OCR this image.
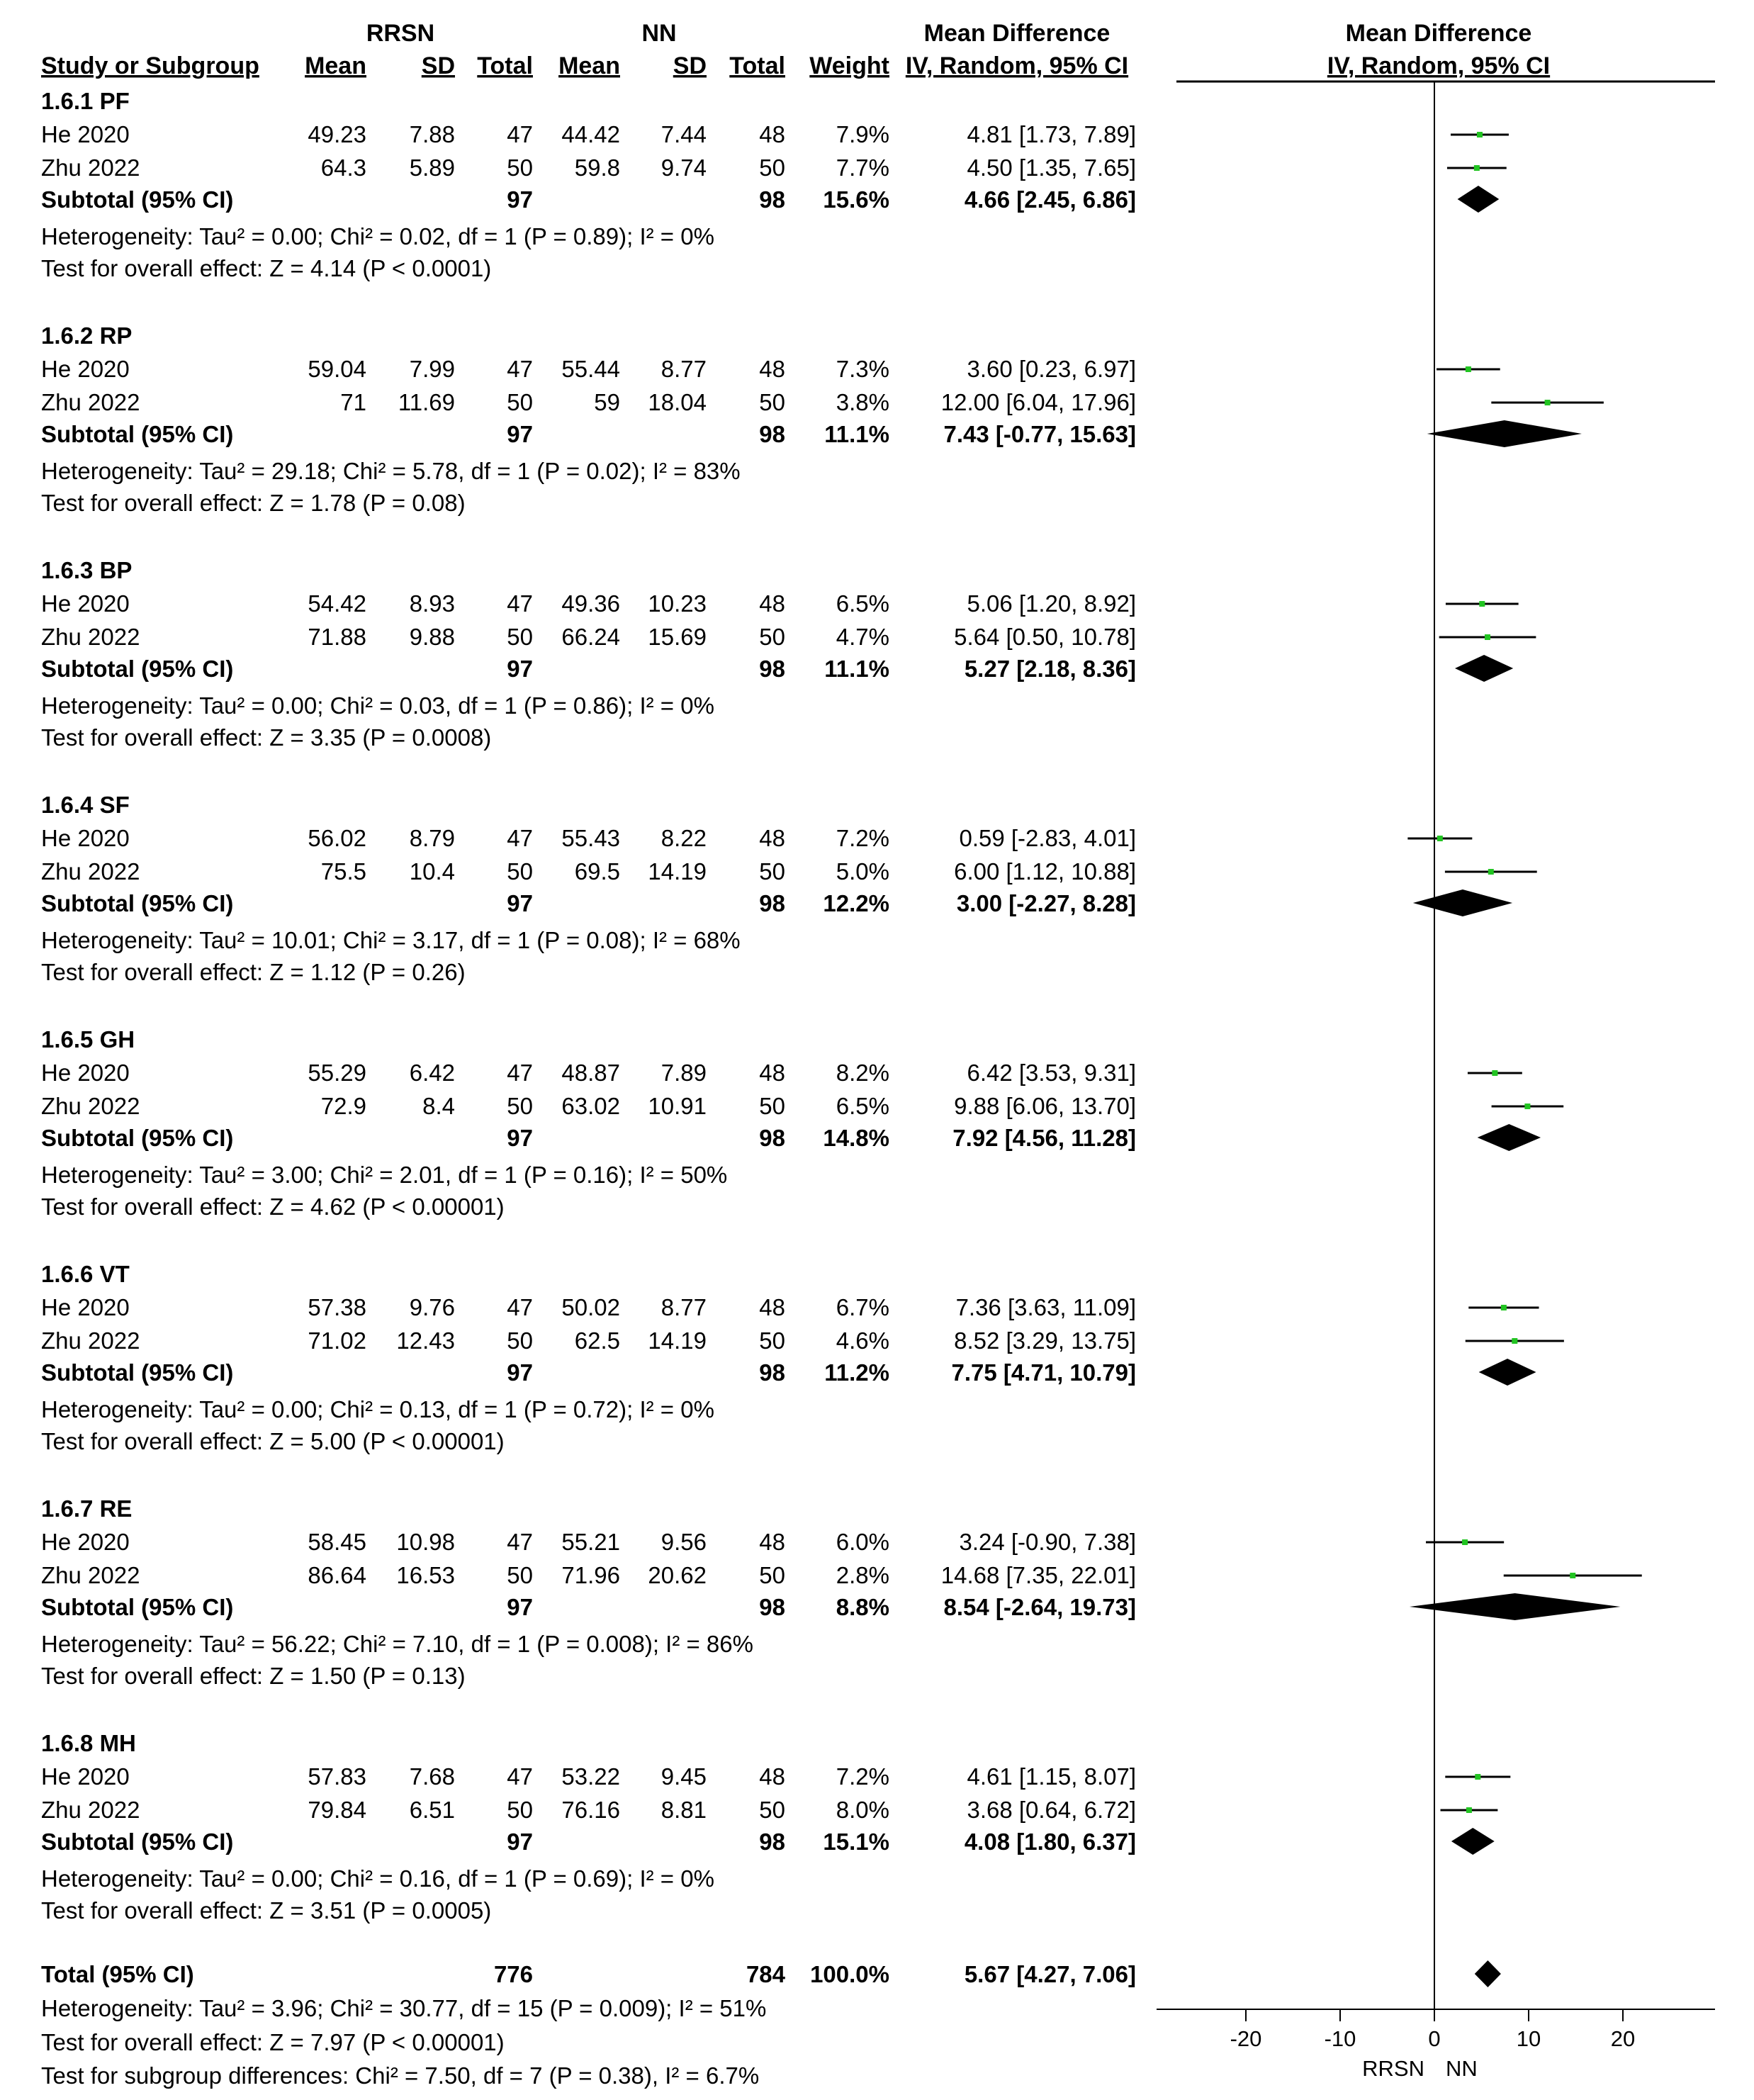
RRSN	NN	Mean Difference	Mean Difference
Study or Subgroup Mean SD Total Mean SD Total Weight IV, Random, 95% CI	IV, Random, 95% CI
1.6.1 PF
He 2020	49.23 7.88 47 44.42 7.44 48 7.9%	4.81 [1.73, 7.89]
Zhu 2022	64.3 5.89 50 59.8 9.74 50 7.7%	4.50 [1.35, 7.65]
Subtotal (95% CI)	97	98 15.6%	4.66 [2.45, 6.86]
Heterogeneity: Tau² = 0.00; Chi² = 0.02, df = 1 (P = 0.89); I² = 0%
Test for overall effect: Z = 4.14 (P < 0.0001)
1.6.2 RP
He 2020	59.04 7.99 47 55.44 8.77 48 7.3%	3.60 [0.23, 6.97]
Zhu 2022	71 11.69 50	59 18.04 50 3.8% 12.00 [6.04, 17.96]
Subtotal (95% CI)	97	98 11.1% 7.43 [-0.77, 15.63]
Heterogeneity: Tau² = 29.18; Chi² = 5.78, df = 1 (P = 0.02); I² = 83%
Test for overall effect: Z = 1.78 (P = 0.08)
1.6.3 BP
He 2020	54.42 8.93 47 49.36 10.23 48 6.5%	5.06 [1.20, 8.92]
Zhu 2022	71.88 9.88 50 66.24 15.69 50 4.7%	5.64 [0.50, 10.78]
Subtotal (95% CI)	97	98 11.1%	5.27 [2.18, 8.36]
Heterogeneity: Tau² = 0.00; Chi² = 0.03, df = 1 (P = 0.86); I² = 0%
Test for overall effect: Z = 3.35 (P = 0.0008)
1.6.4 SF
He 2020	56.02 8.79 47 55.43 8.22 48 7.2%	0.59 [-2.83, 4.01]
Zhu 2022	75.5 10.4 50 69.5 14.19 50 5.0%	6.00 [1.12, 10.88]
Subtotal (95% CI)	97	98 12.2%	3.00 [-2.27, 8.28]
Heterogeneity: Tau² = 10.01; Chi² = 3.17, df = 1 (P = 0.08); I² = 68%
Test for overall effect: Z = 1.12 (P = 0.26)
1.6.5 GH
He 2020	55.29 6.42 47 48.87 7.89 48 8.2%	6.42 [3.53, 9.31]
Zhu 2022	72.9 8.4 50 63.02 10.91 50 6.5%	9.88 [6.06, 13.70]
Subtotal (95% CI)	97	98 14.8%	7.92 [4.56, 11.28]
Heterogeneity: Tau² = 3.00; Chi² = 2.01, df = 1 (P = 0.16); I² = 50%
Test for overall effect: Z = 4.62 (P < 0.00001)
1.6.6 VT
He 2020	57.38 9.76 47 50.02 8.77 48 6.7%	7.36 [3.63, 11.09]
Zhu 2022	71.02 12.43 50 62.5 14.19 50 4.6%	8.52 [3.29, 13.75]
Subtotal (95% CI)	97	98 11.2%	7.75 [4.71, 10.79]
Heterogeneity: Tau² = 0.00; Chi² = 0.13, df = 1 (P = 0.72); I² = 0%
Test for overall effect: Z = 5.00 (P < 0.00001)
1.6.7 RE
He 2020	58.45 10.98 47 55.21 9.56 48 6.0%	3.24 [-0.90, 7.38]
Zhu 2022	86.64 16.53 50 71.96 20.62 50 2.8% 14.68 [7.35, 22.01]
Subtotal (95% CI)	97	98 8.8% 8.54 [-2.64, 19.73]
Heterogeneity: Tau² = 56.22; Chi² = 7.10, df = 1 (P = 0.008); I² = 86%
Test for overall effect: Z = 1.50 (P = 0.13)
1.6.8 MH
He 2020	57.83 7.68 47 53.22 9.45 48 7.2%	4.61 [1.15, 8.07]
Zhu 2022	79.84 6.51 50 76.16 8.81 50 8.0%	3.68 [0.64, 6.72]
Subtotal (95% CI)	97	98 15.1%	4.08 [1.80, 6.37]
Heterogeneity: Tau² = 0.00; Chi² = 0.16, df = 1 (P = 0.69); I² = 0%
Test for overall effect: Z = 3.51 (P = 0.0005)
Total (95% CI)	776	784 100.0%	5.67 [4.27, 7.06]
Heterogeneity: Tau² = 3.96; Chi² = 30.77, df = 15 (P = 0.009); I² = 51%
Test for overall effect: Z = 7.97 (P < 0.00001)
Test for subgroup differences: Chi² = 7.50, df = 7 (P = 0.38), I² = 6.7%
-20	-10	0	10	20
RRSN NN
